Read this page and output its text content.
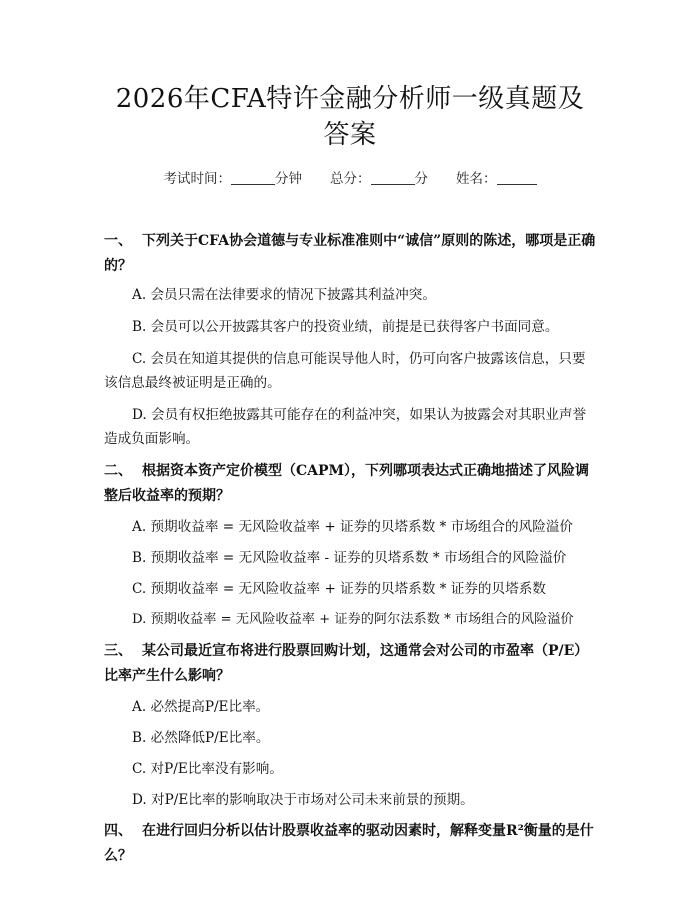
2026年CFA特许金融分析师一级真题及答案
考试时间：	分钟 总分：	分 姓名：

一、 下列关于CFA协会道德与专业标准准则中“诚信”原则的陈述，哪项是正确的？

A. 会员只需在法律要求的情况下披露其利益冲突。

B. 会员可以公开披露其客户的投资业绩，前提是已获得客户书面同意。

C. 会员在知道其提供的信息可能误导他人时，仍可向客户披露该信息，只要该信息最终被证明是正确的。

D. 会员有权拒绝披露其可能存在的利益冲突，如果认为披露会对其职业声誉造成负面影响。

二、 根据资本资产定价模型（CAPM），下列哪项表达式正确地描述了风险调整后收益率的预期？

A. 预期收益率 = 无风险收益率 + 证券的贝塔系数 * 市场组合的风险溢价

B. 预期收益率 = 无风险收益率 - 证券的贝塔系数 * 市场组合的风险溢价

C. 预期收益率 = 无风险收益率 + 证券的贝塔系数 * 证券的贝塔系数

D. 预期收益率 = 无风险收益率 + 证券的阿尔法系数 * 市场组合的风险溢价

三、 某公司最近宣布将进行股票回购计划，这通常会对公司的市盈率（P/E）比率产生什么影响？

A. 必然提高P/E比率。

B. 必然降低P/E比率。

C. 对P/E比率没有影响。

D. 对P/E比率的影响取决于市场对公司未来前景的预期。

四、 在进行回归分析以估计股票收益率的驱动因素时，解释变量R²衡量的是什么？
